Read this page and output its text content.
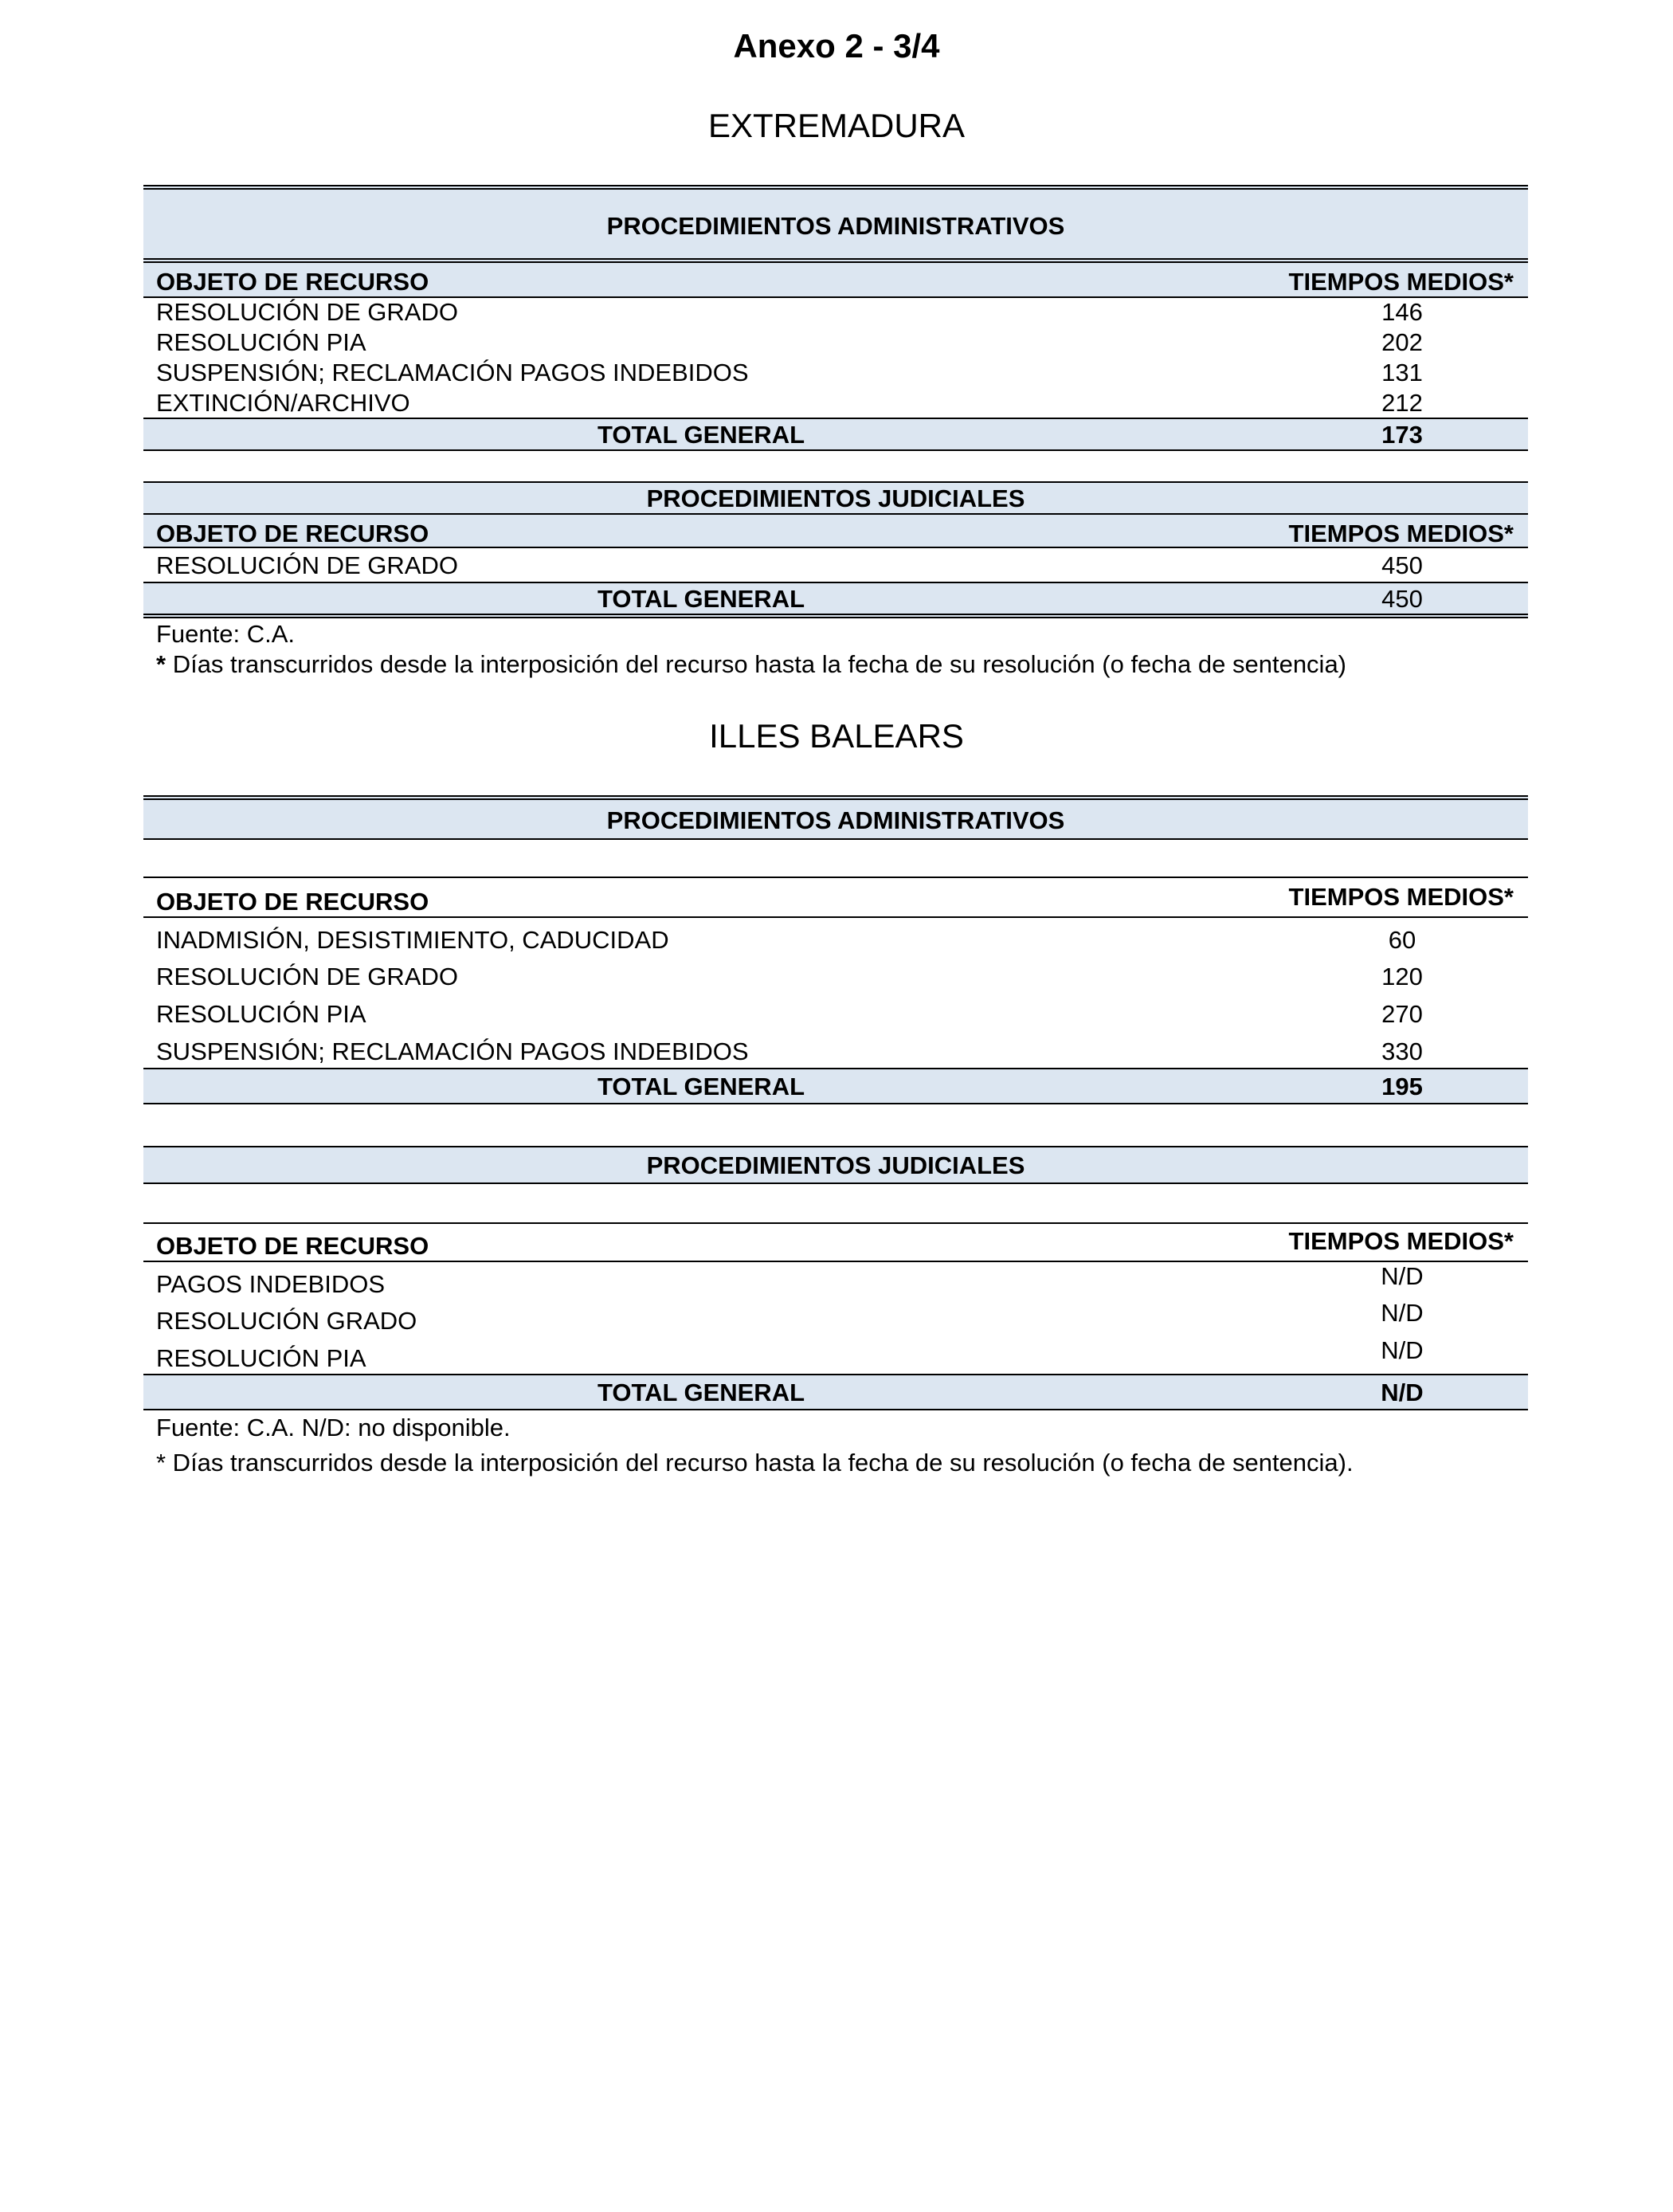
Anexo 2 - 3/4
EXTREMADURA
PROCEDIMIENTOS ADMINISTRATIVOS
OBJETO DE RECURSO	TIEMPOS MEDIOS*
RESOLUCIÓN DE GRADO	146
RESOLUCIÓN PIA	202
SUSPENSIÓN; RECLAMACIÓN PAGOS INDEBIDOS	131
EXTINCIÓN/ARCHIVO	212
TOTAL GENERAL	173
PROCEDIMIENTOS JUDICIALES
OBJETO DE RECURSO	TIEMPOS MEDIOS*
RESOLUCIÓN DE GRADO	450
TOTAL GENERAL	450
Fuente: C.A.
* Días transcurridos desde la interposición del recurso hasta la fecha de su resolución (o fecha de sentencia)
ILLES BALEARS
PROCEDIMIENTOS ADMINISTRATIVOS
OBJETO DE RECURSO	TIEMPOS MEDIOS*
INADMISIÓN, DESISTIMIENTO, CADUCIDAD	60
RESOLUCIÓN DE GRADO	120
RESOLUCIÓN PIA	270
SUSPENSIÓN; RECLAMACIÓN PAGOS INDEBIDOS	330
TOTAL GENERAL	195
PROCEDIMIENTOS JUDICIALES
OBJETO DE RECURSO	TIEMPOS MEDIOS*
PAGOS INDEBIDOS	N/D
RESOLUCIÓN GRADO	N/D
RESOLUCIÓN PIA	N/D
TOTAL GENERAL	N/D
Fuente: C.A. N/D: no disponible.
* Días transcurridos desde la interposición del recurso hasta la fecha de su resolución (o fecha de sentencia).
